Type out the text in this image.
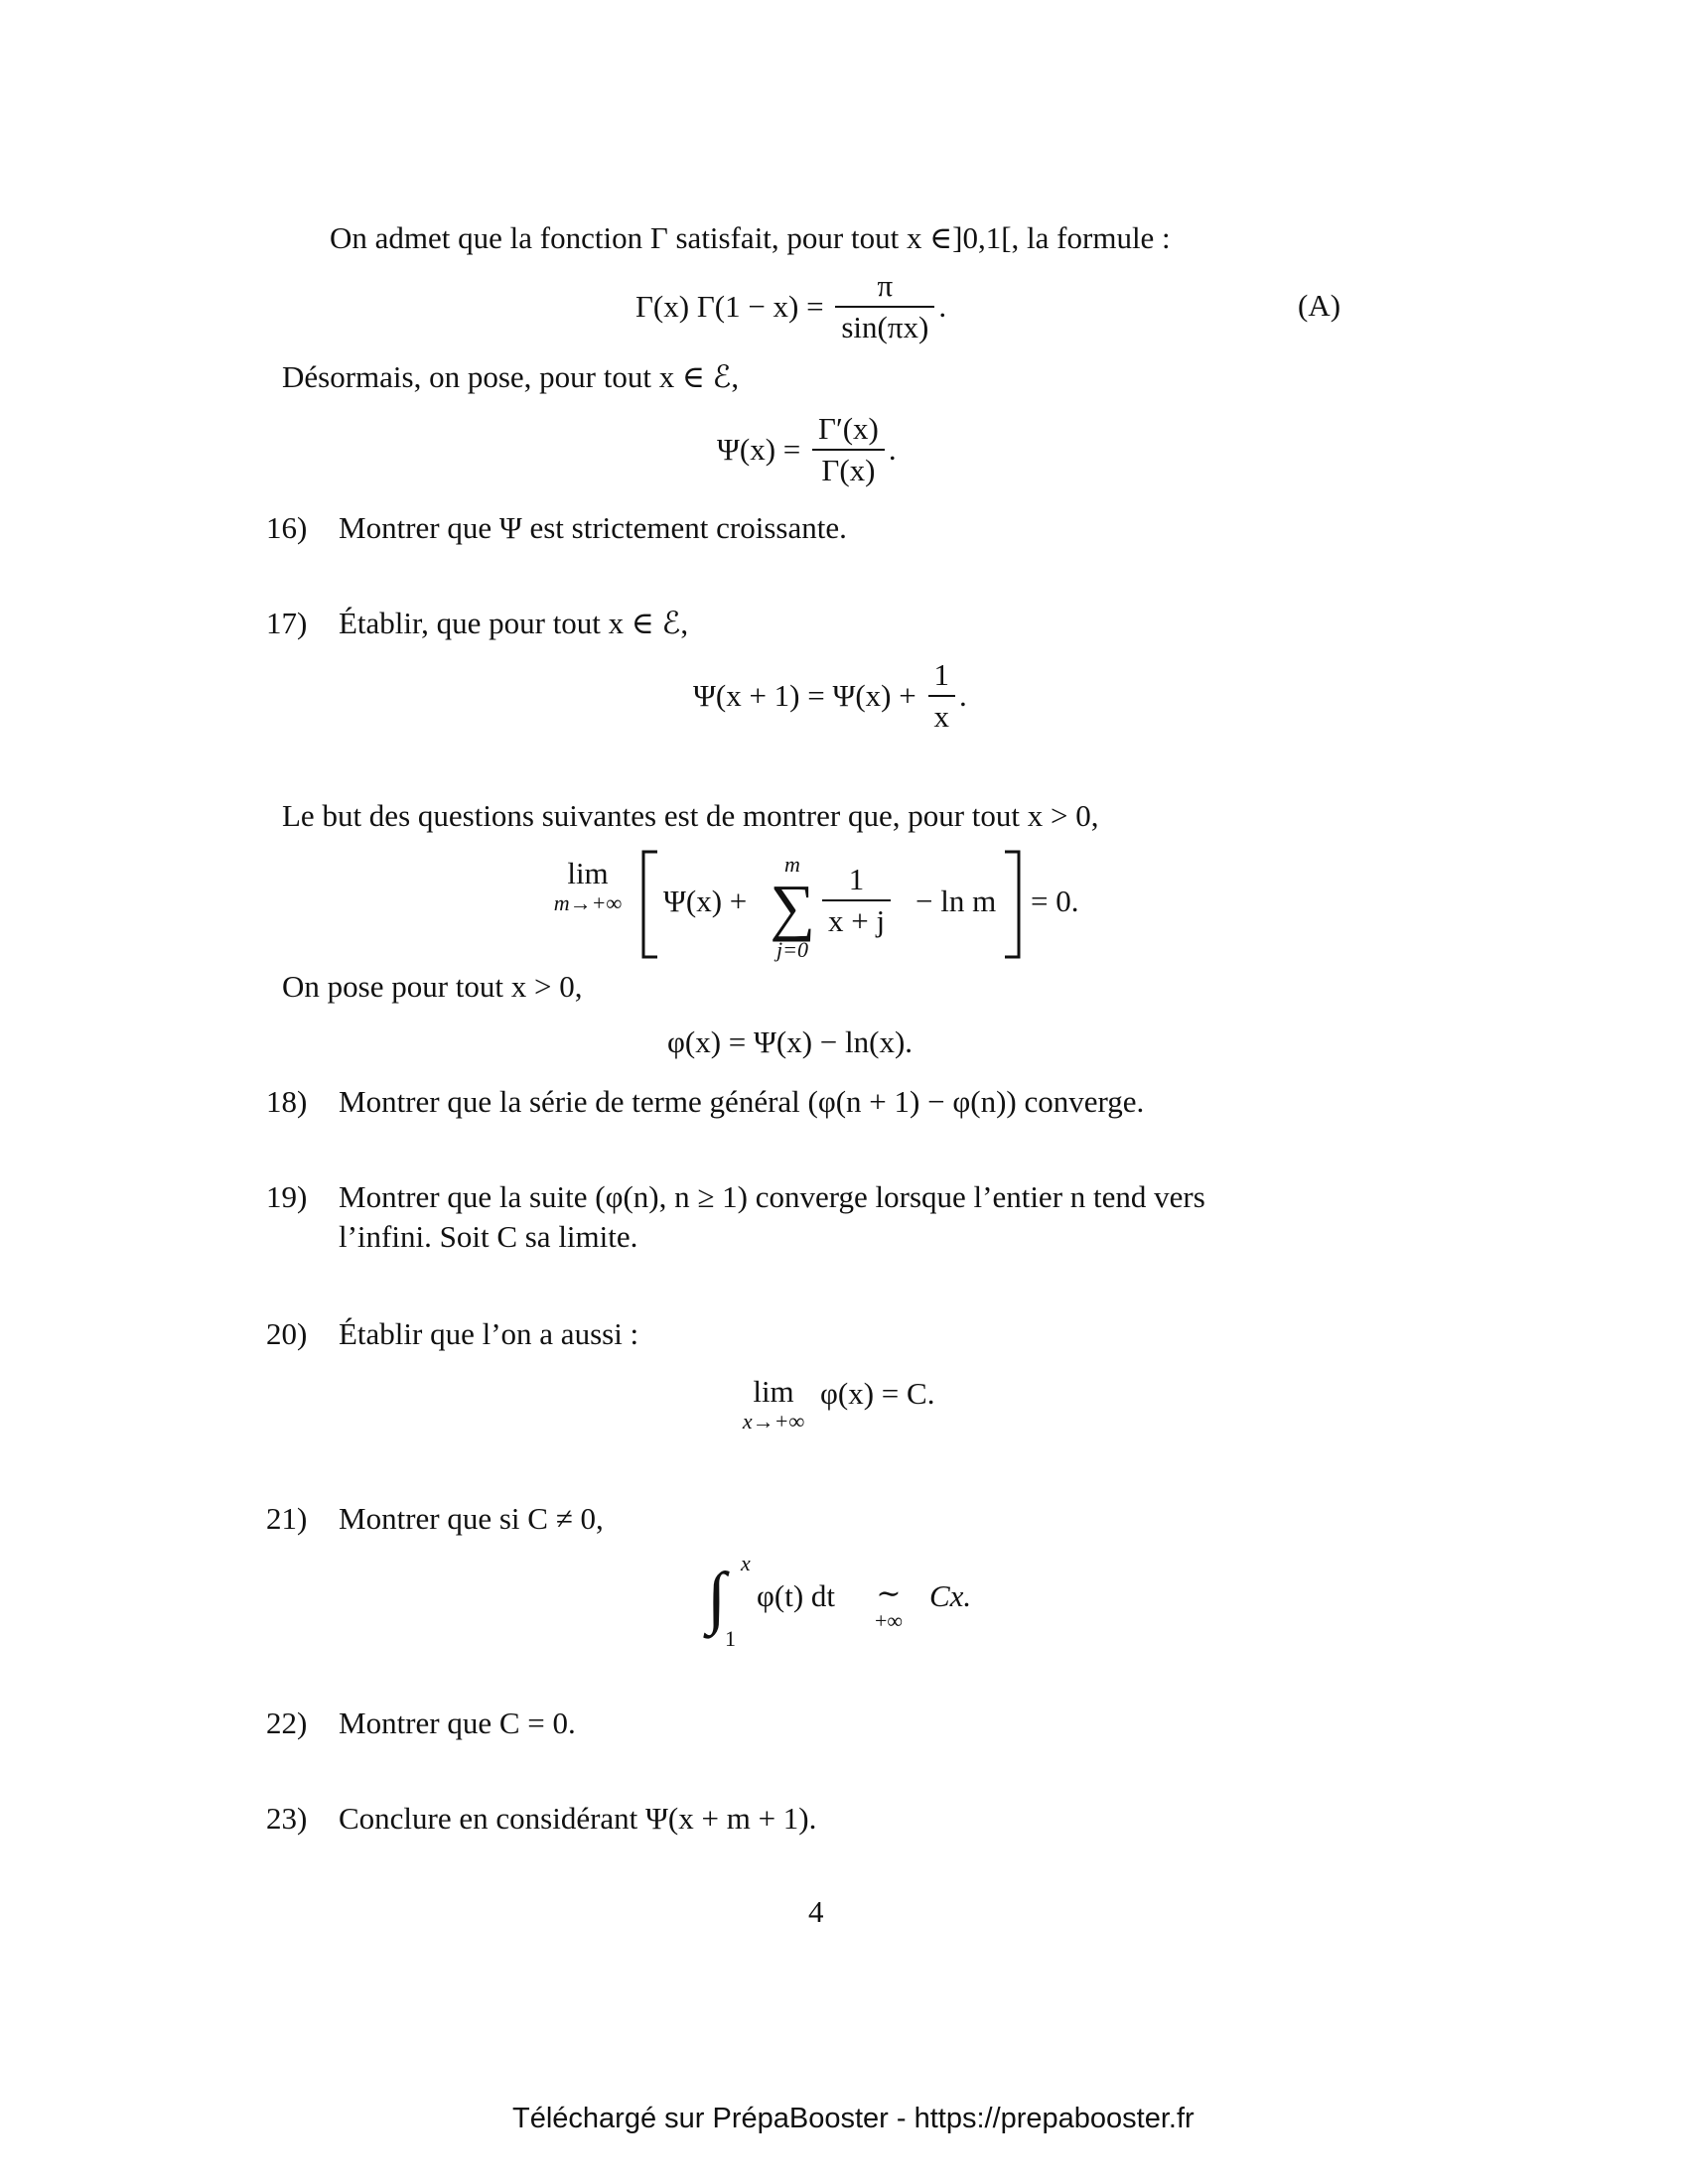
On admet que la fonction Γ satisfait, pour tout x ∈]0,1[, la formule :
Γ(x) $\Gamma(1 - x) = \frac{\pi}{\sin(\pi x)}$ .	(A)
Désormais, on pose, pour tout x ∈ ℰ,
$\Psi(x) = \frac{\Gamma'(x)}{\Gamma(x)}$ .
16) Montrer que Ψ est strictement croissante.
17) Établir, que pour tout x ∈ ℰ,
$\Psi(x + 1) = \Psi(x) + \frac{1}{x}$ .
Le but des questions suivantes est de montrer que, pour tout x > 0,
lim
m→+∞ Ψ(x) +
m
∑
j=0
$\frac{1}{x + j} - \ln m = 0$.
On pose pour tout x > 0,
φ(x) = Ψ(x) − ln(x).
18) Montrer que la série de terme général (φ(n + 1) − φ(n)) converge.
19) Montrer que la suite (φ(n), n ≥ 1) converge lorsque l’entier n tend vers
l’infini. Soit C sa limite.
20) Établir que l’on a aussi :
lim
x→+∞
φ(x) = C.
21) Montrer que si C ≠ 0,
∫ x
1
φ(t) dt	∼
+∞
Cx.
22) Montrer que C = 0.
23) Conclure en considérant Ψ(x + m + 1).
4
Téléchargé sur PrépaBooster - https://prepabooster.fr
